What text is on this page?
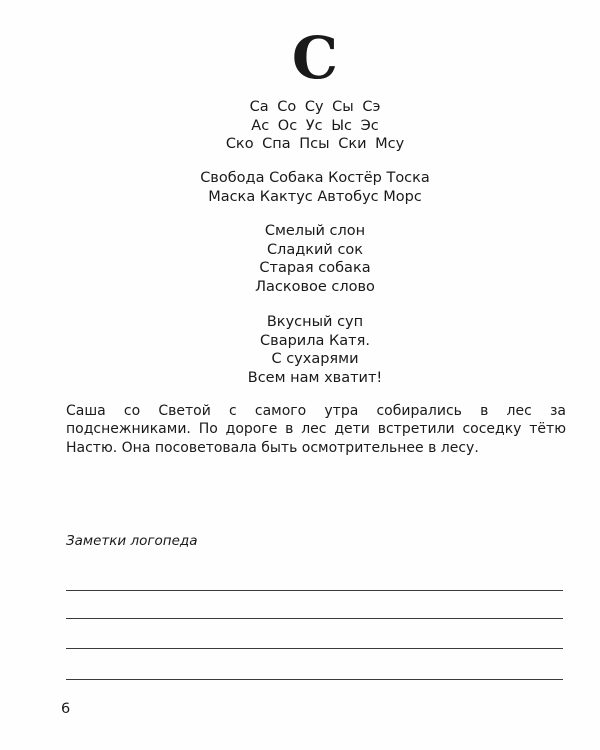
С
Са Со Су Сы Сэ
Ас Ос Ус Ыс Эс
Ско Спа Псы Ски Мсу
Свобода Собака Костёр Тоска
Маска Кактус Автобус Морс
Смелый слон
Сладкий сок
Старая собака
Ласковое слово
Вкусный суп
Сварила Катя.
С сухарями
Всем нам хватит!
Саша со Светой с самого утра собирались в лес за подснежниками. По дороге в лес дети встретили соседку тётю Настю. Она посоветовала быть осмотрительнее в лесу.
Заметки логопеда
6
